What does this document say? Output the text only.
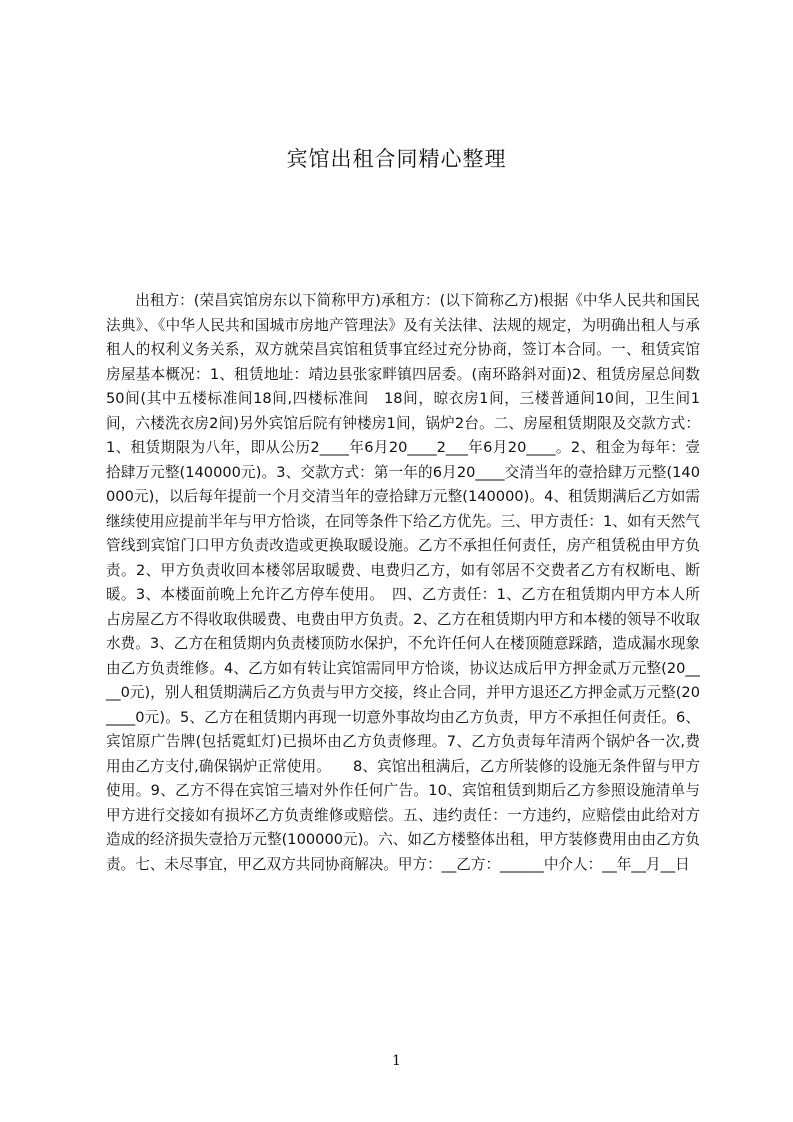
宾馆出租合同精心整理
出租方：(荣昌宾馆房东以下简称甲方)承租方：(以下简称乙方)根据《中华人民共和国民法典》、《中华人民共和国城市房地产管理法》及有关法律、法规的规定，为明确出租人与承租人的权利义务关系，双方就荣昌宾馆租赁事宜经过充分协商，签订本合同。一、租赁宾馆房屋基本概况：1、租赁地址：靖边县张家畔镇四居委。(南环路斜对面)2、租赁房屋总间数　50间(其中五楼标准间18间,四楼标准间　18间，晾衣房1间，三楼普通间10间，卫生间1间，六楼洗衣房2间)另外宾馆后院有钟楼房1间，锅炉2台。二、房屋租赁期限及交款方式：1、租赁期限为八年，即从公历2____年6月20____2___年6月20____。2、租金为每年：壹拾肆万元整(140000元)。3、交款方式：第一年的6月20____交清当年的壹拾肆万元整(140000元)，以后每年提前一个月交清当年的壹拾肆万元整(140000)。4、租赁期满后乙方如需继续使用应提前半年与甲方恰谈，在同等条件下给乙方优先。三、甲方责任：1、如有天然气管线到宾馆门口甲方负责改造或更换取暖设施。乙方不承担任何责任，房产租赁税由甲方负责。2、甲方负责收回本楼邻居取暖费、电费归乙方，如有邻居不交费者乙方有权断电、断暖。3、本楼面前晚上允许乙方停车使用。　四、乙方责任：1、乙方在租赁期内甲方本人所占房屋乙方不得收取供暖费、电费由甲方负责。2、乙方在租赁期内甲方和本楼的领导不收取水费。3、乙方在租赁期内负责楼顶防水保护，不允许任何人在楼顶随意踩踏，造成漏水现象由乙方负责维修。4、乙方如有转让宾馆需同甲方恰谈，协议达成后甲方押金贰万元整(20____0元)，别人租赁期满后乙方负责与甲方交接，终止合同，并甲方退还乙方押金贰万元整(20____0元)。5、乙方在租赁期内再现一切意外事故均由乙方负责，甲方不承担任何责任。6、宾馆原广告牌(包括霓虹灯)已损坏由乙方负责修理。7、乙方负责每年清两个锅炉各一次,费用由乙方支付,确保锅炉正常使用。　　8、宾馆出租满后，乙方所装修的设施无条件留与甲方使用。9、乙方不得在宾馆三墙对外作任何广告。10、宾馆租赁到期后乙方参照设施清单与甲方进行交接如有损坏乙方负责维修或赔偿。五、违约责任：一方违约，应赔偿由此给对方造成的经济损失壹拾万元整(100000元)。六、如乙方楼整体出租，甲方装修费用由由乙方负责。七、未尽事宜，甲乙双方共同协商解决。甲方：__乙方：______中介人：__年__月__日
1
